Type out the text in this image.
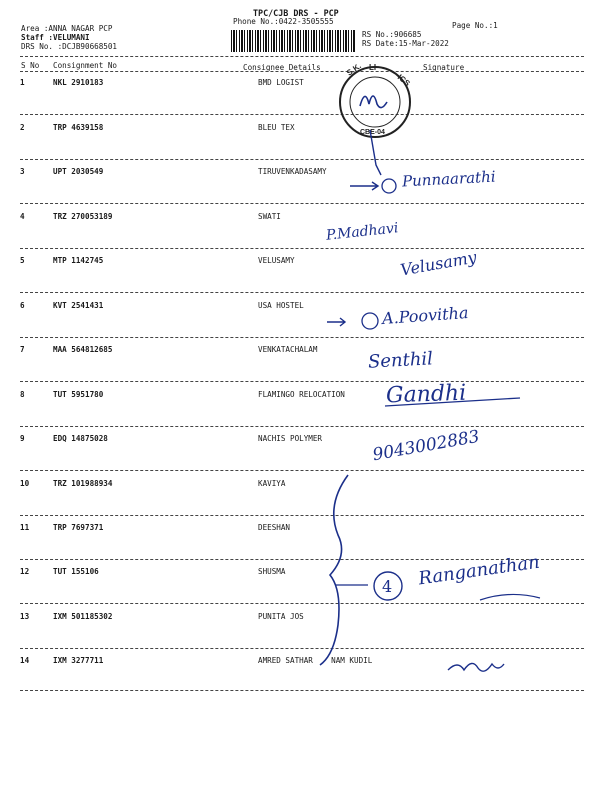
Area :ANNA NAGAR PCP
Staff :VELUMANI
DRS No. :DCJB90668501
TPC/CJB DRS - PCP
Phone No.:0422-3505555
RS No.:906685
RS Date:15-Mar-2022
Page No.:1
S No Consignment No	Consignee Details	Signature
1	NKL 2910183	BMD LOGIST
2	TRP 4639158	BLEU TEX
3	UPT 2030549	TIRUVENKADASAMY
4	TRZ 270053189	SWATI
5	MTP 1142745	VELUSAMY
6	KVT 2541431	USA HOSTEL
7	MAA 564812685	VENKATACHALAM
8	TUT 5951780	FLAMINGO RELOCATION
9	EDQ 14875028	NACHIS POLYMER
10	TRZ 101988934	KAVIYA
11	TRP 7697371	DEESHAN
12	TUT 155106	SHUSMA
13	IXM 501185302	PUNITA JOS
14	IXM 3277711	AMRED SATHAR    NAM KUDIL
S.K. LI
ICS
CBE-04
4
Punnaarathi
P.Madhavi
Velusamy
A.Poovitha
Senthil
Gandhi
9043002883
Ranganathan
